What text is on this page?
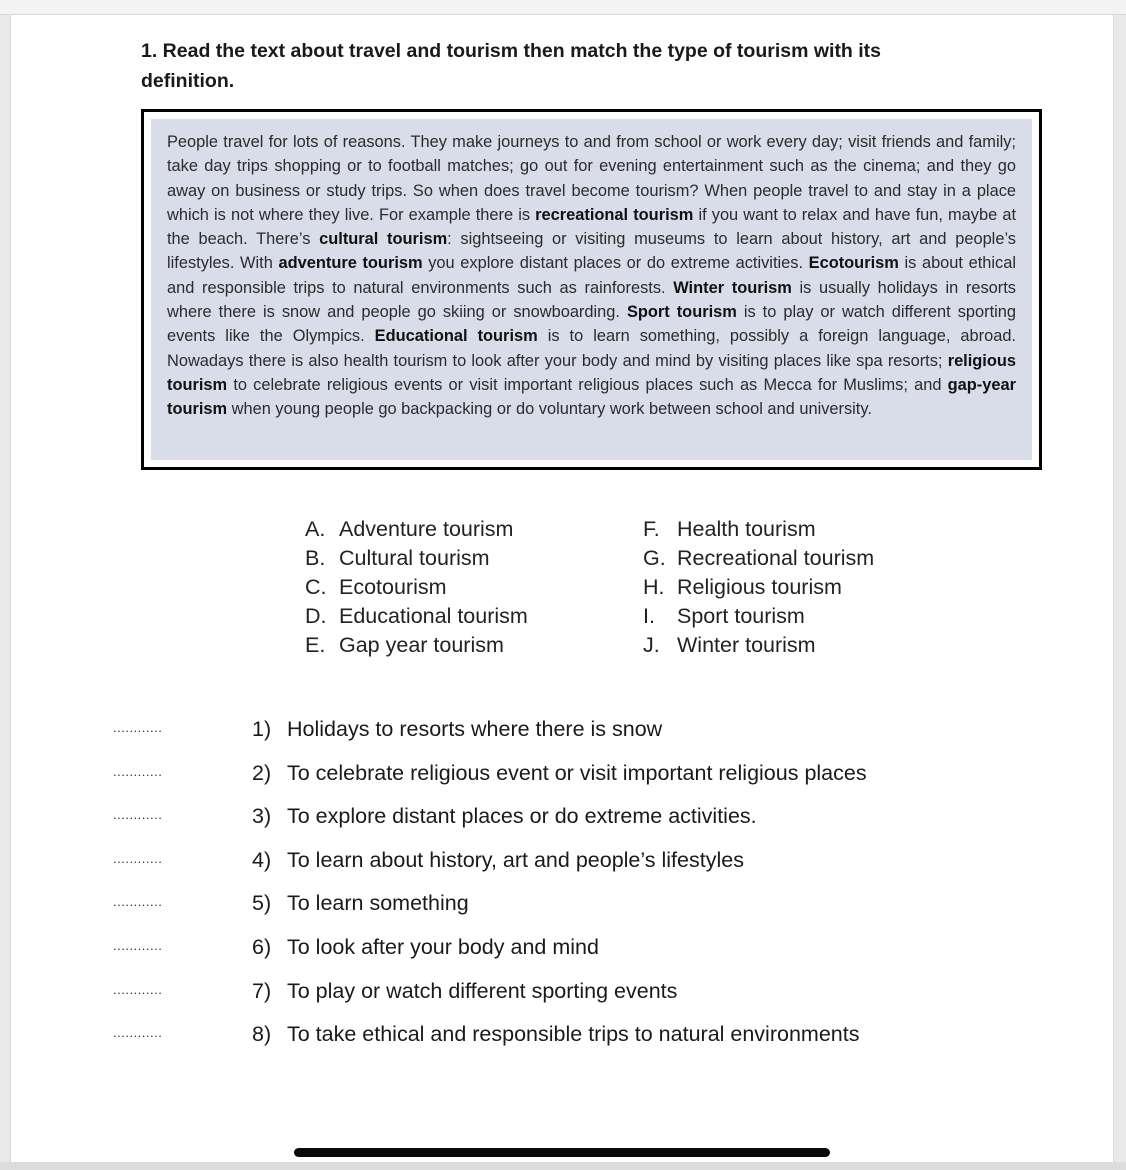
1. Read the text about travel and tourism then match the type of tourism with its definition.
People travel for lots of reasons. They make journeys to and from school or work every day; visit friends and family; take day trips shopping or to football matches; go out for evening entertainment such as the cinema; and they go away on business or study trips. So when does travel become tourism? When people travel to and stay in a place which is not where they live. For example there is recreational tourism if you want to relax and have fun, maybe at the beach. There’s cultural tourism: sightseeing or visiting museums to learn about history, art and people’s lifestyles. With adventure tourism you explore distant places or do extreme activities. Ecotourism is about ethical and responsible trips to natural environments such as rainforests. Winter tourism is usually holidays in resorts where there is snow and people go skiing or snowboarding. Sport tourism is to play or watch different sporting events like the Olympics. Educational tourism is to learn something, possibly a foreign language, abroad. Nowadays there is also health tourism to look after your body and mind by visiting places like spa resorts; religious tourism to celebrate religious events or visit important religious places such as Mecca for Muslims; and gap-year tourism when young people go backpacking or do voluntary work between school and university.
A. Adventure tourism
B. Cultural tourism
C. Ecotourism
D. Educational tourism
E. Gap year tourism
F. Health tourism
G. Recreational tourism
H. Religious tourism
I. Sport tourism
J. Winter tourism
............	1) Holidays to resorts where there is snow
............	2) To celebrate religious event or visit important religious places
............	3) To explore distant places or do extreme activities.
............	4) To learn about history, art and people’s lifestyles
............	5) To learn something
............	6) To look after your body and mind
............	7) To play or watch different sporting events
............	8) To take ethical and responsible trips to natural environments
